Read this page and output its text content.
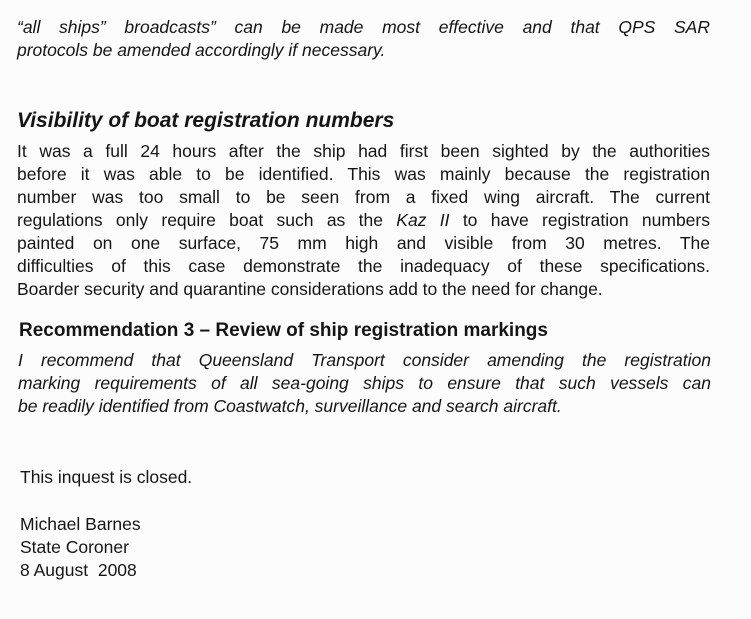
“all ships” broadcasts” can be made most effective and that QPS SAR
protocols be amended accordingly if necessary.

Visibility of boat registration numbers

It was a full 24 hours after the ship had first been sighted by the authorities
before it was able to be identified. This was mainly because the registration
number was too small to be seen from a fixed wing aircraft. The current
regulations only require boat such as the Kaz II to have registration numbers
painted on one surface, 75 mm high and visible from 30 metres. The
difficulties of this case demonstrate the inadequacy of these specifications.
Boarder security and quarantine considerations add to the need for change.

Recommendation 3 – Review of ship registration markings

I recommend that Queensland Transport consider amending the registration
marking requirements of all sea-going ships to ensure that such vessels can
be readily identified from Coastwatch, surveillance and search aircraft.

This inquest is closed.

Michael Barnes

State Coroner

8 August  2008
